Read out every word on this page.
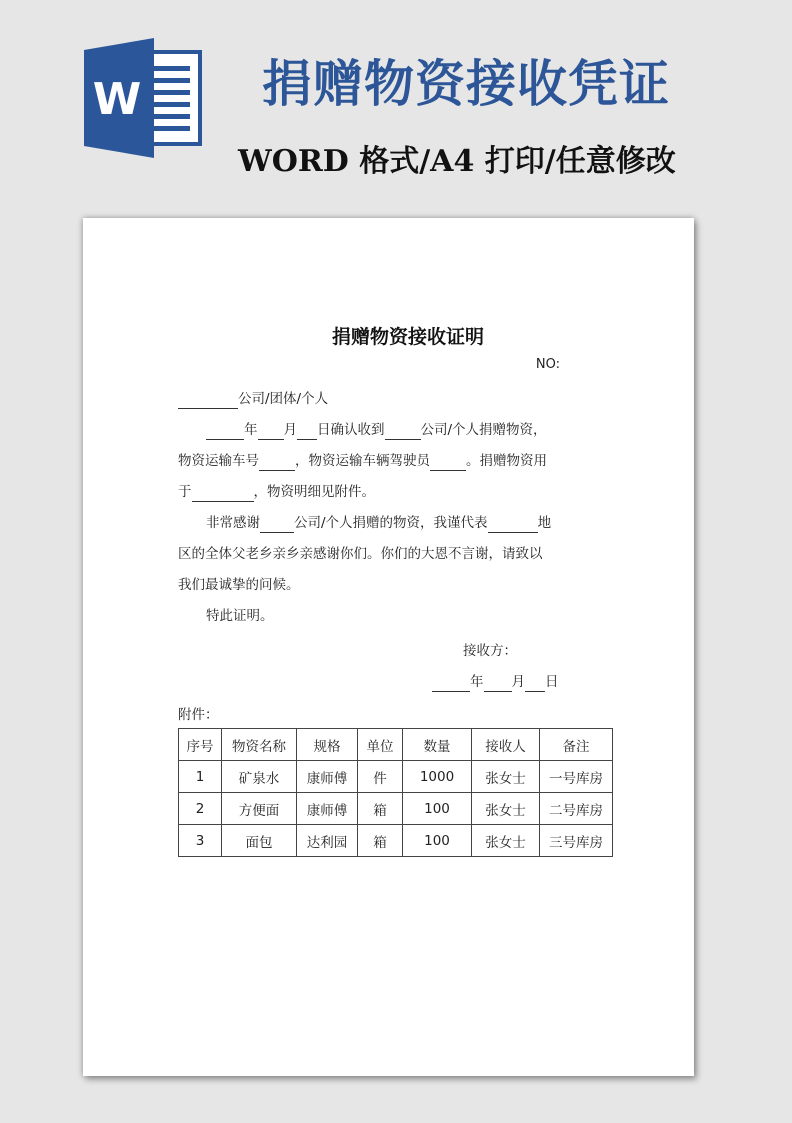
W 捐赠物资接收凭证
WORD 格式/A4 打印/任意修改
捐赠物资接收证明
NO:
公司/团体/个人
年 月 日确认收到	公司/个人捐赠物资，
物资运输车号	，物资运输车辆驾驶员	。捐赠物资用
于	，物资明细见附件。
非常感谢	公司/个人捐赠的物资，我谨代表	地
区的全体父老乡亲乡亲感谢你们。你们的大恩不言谢，请致以
我们最诚挚的问候。
特此证明。
接收方：
年 月 日
附件：
序号	物资名称	规格	单位	数量	接收人	备注
1	矿泉水	康师傅	件	1000	张女士	一号库房
2	方便面	康师傅	箱	100	张女士	二号库房
3	面包	达利园	箱	100	张女士	三号库房
